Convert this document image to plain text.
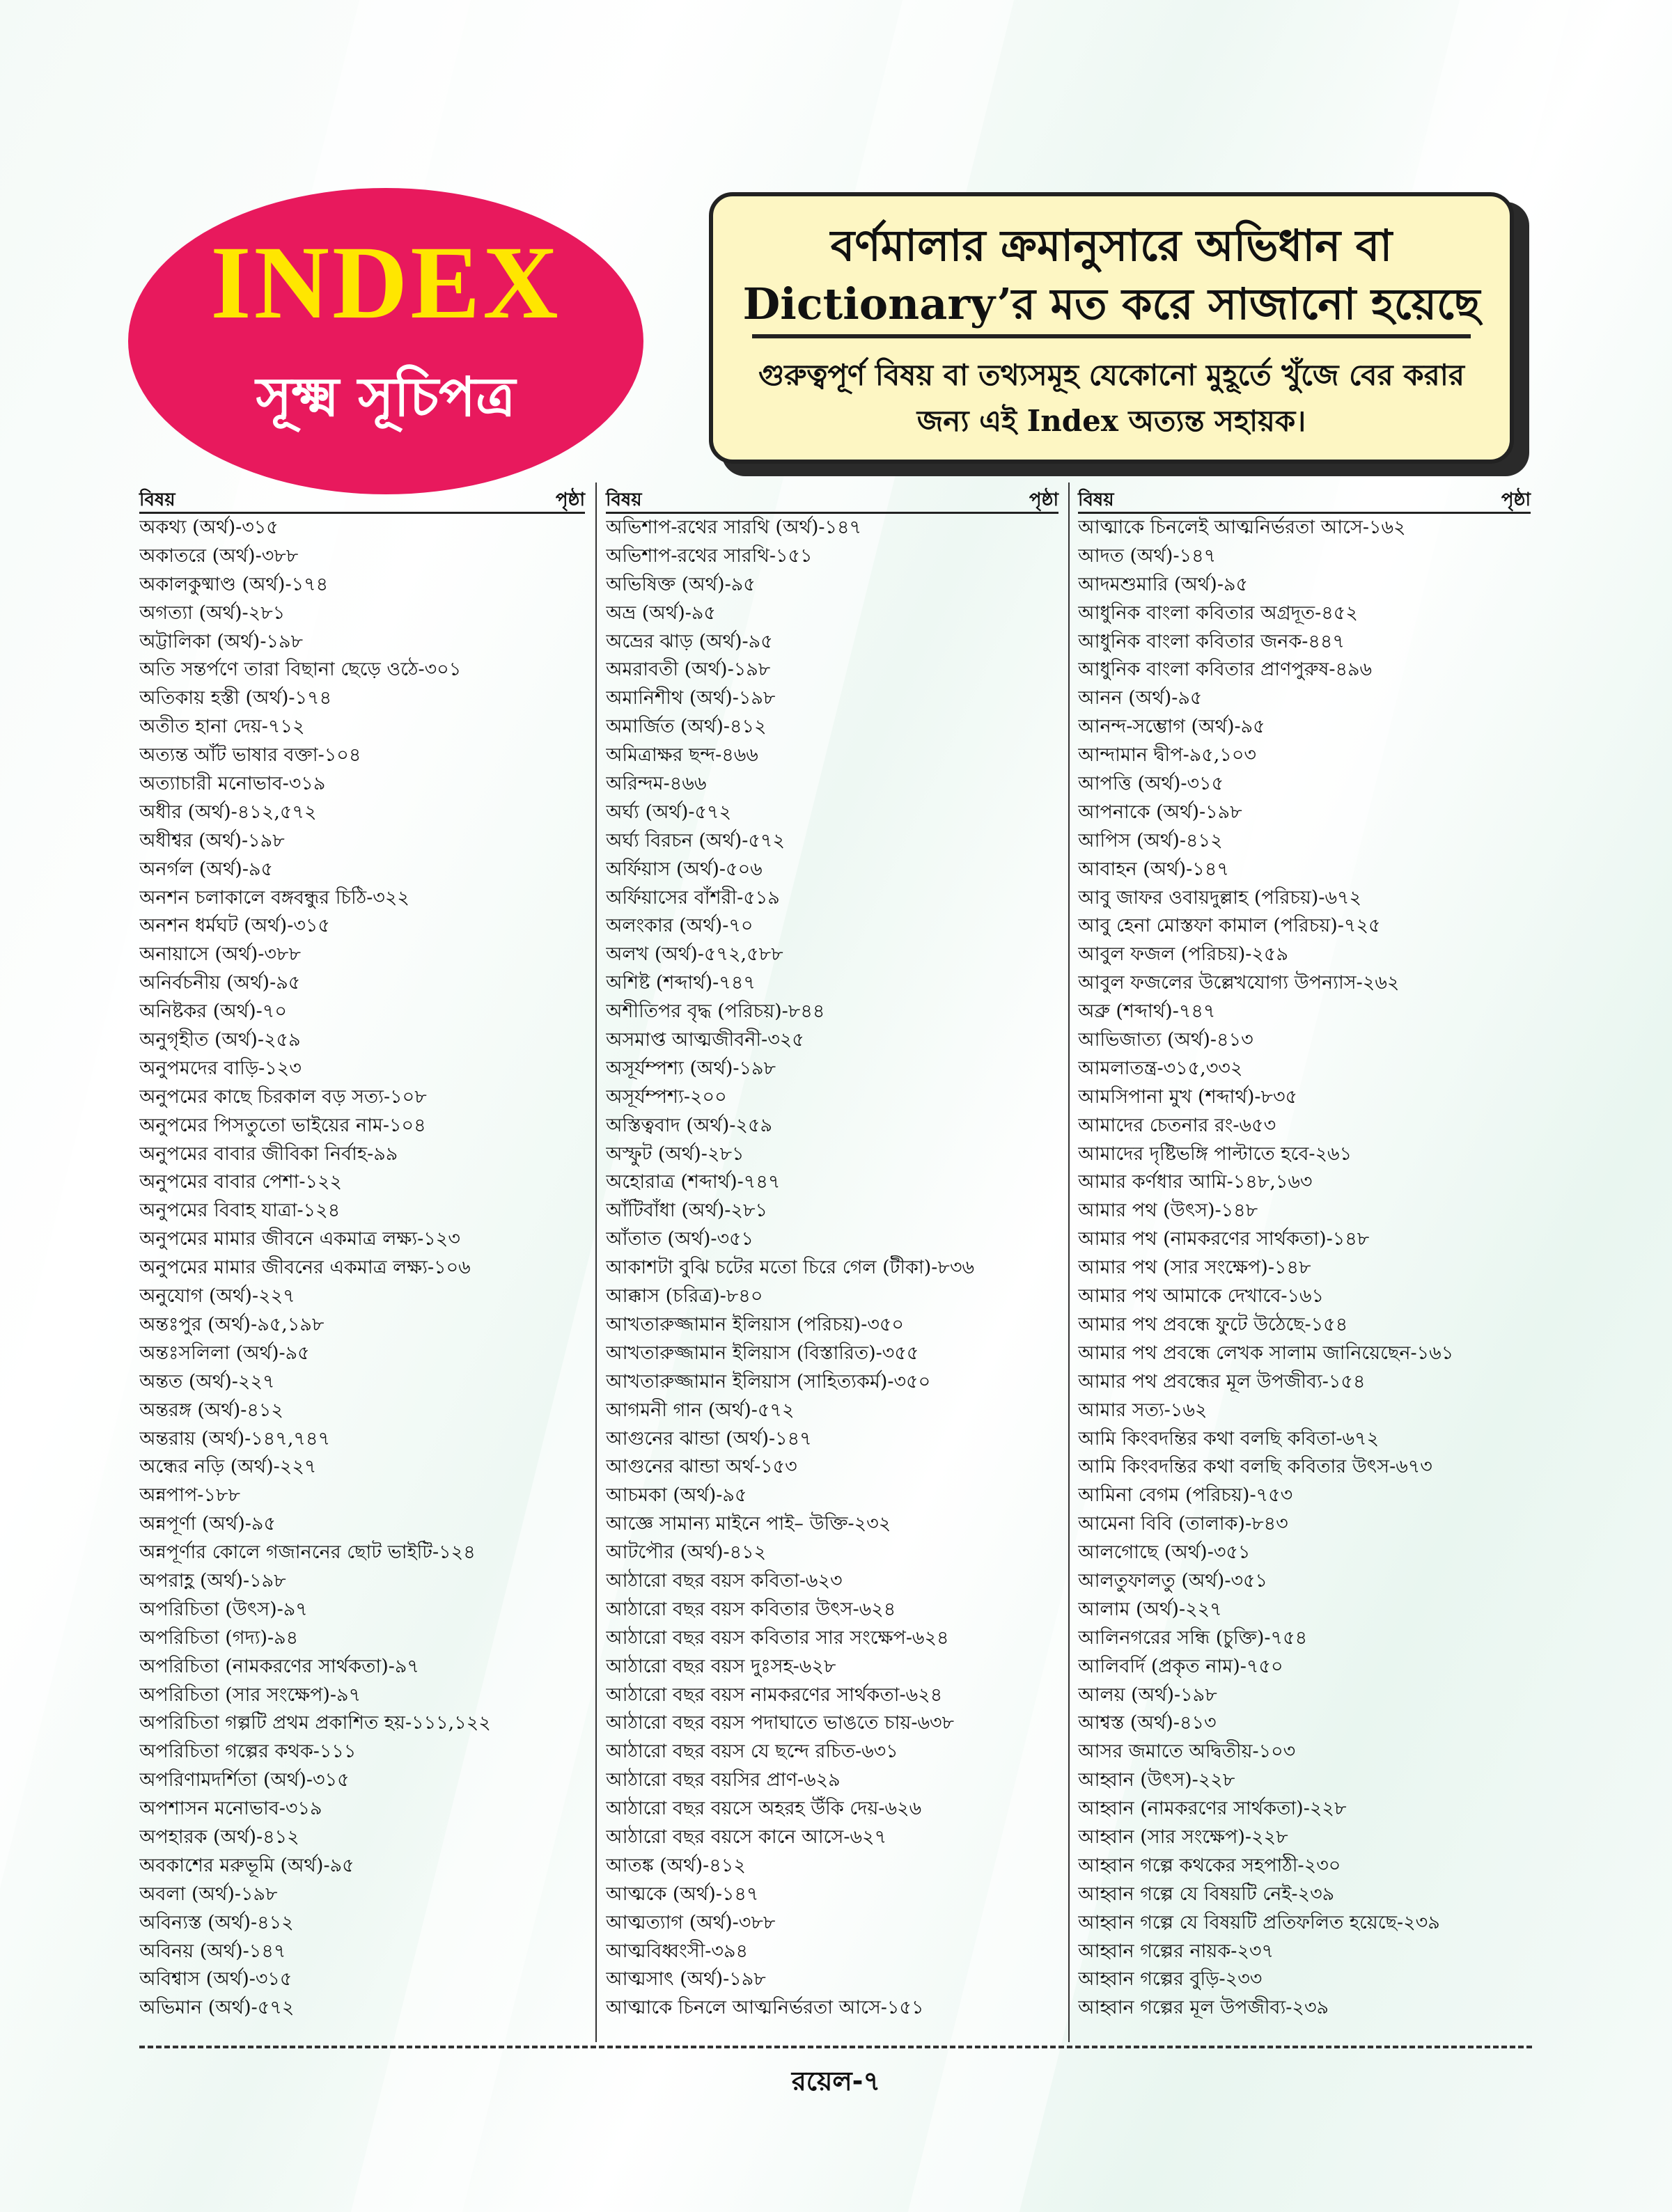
INDEX
সূক্ষ্ম সূচিপত্র
বর্ণমালার ক্রমানুসারে অভিধান বা
Dictionary’র মত করে সাজানো হয়েছে
গুরুত্বপূর্ণ বিষয় বা তথ্যসমূহ যেকোনো মুহূর্তে খুঁজে বের করার
জন্য এই Index অত্যন্ত সহায়ক।
বিষয়	পৃষ্ঠা
অকথ্য (অর্থ)-৩১৫
অকাতরে (অর্থ)-৩৮৮
অকালকুষ্মাণ্ড (অর্থ)-১৭৪
অগত্যা (অর্থ)-২৮১
অট্টালিকা (অর্থ)-১৯৮
অতি সন্তর্পণে তারা বিছানা ছেড়ে ওঠে-৩০১
অতিকায় হস্তী (অর্থ)-১৭৪
অতীত হানা দেয়-৭১২
অত্যন্ত আঁট ভাষার বক্তা-১০৪
অত্যাচারী মনোভাব-৩১৯
অধীর (অর্থ)-৪১২,৫৭২
অধীশ্বর (অর্থ)-১৯৮
অনর্গল (অর্থ)-৯৫
অনশন চলাকালে বঙ্গবন্ধুর চিঠি-৩২২
অনশন ধর্মঘট (অর্থ)-৩১৫
অনায়াসে (অর্থ)-৩৮৮
অনির্বচনীয় (অর্থ)-৯৫
অনিষ্টকর (অর্থ)-৭০
অনুগৃহীত (অর্থ)-২৫৯
অনুপমদের বাড়ি-১২৩
অনুপমের কাছে চিরকাল বড় সত্য-১০৮
অনুপমের পিসতুতো ভাইয়ের নাম-১০৪
অনুপমের বাবার জীবিকা নির্বাহ-৯৯
অনুপমের বাবার পেশা-১২২
অনুপমের বিবাহ যাত্রা-১২৪
অনুপমের মামার জীবনে একমাত্র লক্ষ্য-১২৩
অনুপমের মামার জীবনের একমাত্র লক্ষ্য-১০৬
অনুযোগ (অর্থ)-২২৭
অন্তঃপুর (অর্থ)-৯৫,১৯৮
অন্তঃসলিলা (অর্থ)-৯৫
অন্তত (অর্থ)-২২৭
অন্তরঙ্গ (অর্থ)-৪১২
অন্তরায় (অর্থ)-১৪৭,৭৪৭
অন্ধের নড়ি (অর্থ)-২২৭
অন্নপাপ-১৮৮
অন্নপূর্ণা (অর্থ)-৯৫
অন্নপূর্ণার কোলে গজাননের ছোট ভাইটি-১২৪
অপরাহ্ণ (অর্থ)-১৯৮
অপরিচিতা (উৎস)-৯৭
অপরিচিতা (গদ্য)-৯৪
অপরিচিতা (নামকরণের সার্থকতা)-৯৭
অপরিচিতা (সার সংক্ষেপ)-৯৭
অপরিচিতা গল্পটি প্রথম প্রকাশিত হয়-১১১,১২২
অপরিচিতা গল্পের কথক-১১১
অপরিণামদর্শিতা (অর্থ)-৩১৫
অপশাসন মনোভাব-৩১৯
অপহারক (অর্থ)-৪১২
অবকাশের মরুভূমি (অর্থ)-৯৫
অবলা (অর্থ)-১৯৮
অবিন্যস্ত (অর্থ)-৪১২
অবিনয় (অর্থ)-১৪৭
অবিশ্বাস (অর্থ)-৩১৫
অভিমান (অর্থ)-৫৭২
বিষয়	পৃষ্ঠা
অভিশাপ-রথের সারথি (অর্থ)-১৪৭
অভিশাপ-রথের সারথি-১৫১
অভিষিক্ত (অর্থ)-৯৫
অভ্র (অর্থ)-৯৫
অভ্রের ঝাড় (অর্থ)-৯৫
অমরাবতী (অর্থ)-১৯৮
অমানিশীথ (অর্থ)-১৯৮
অমার্জিত (অর্থ)-৪১২
অমিত্রাক্ষর ছন্দ-৪৬৬
অরিন্দম-৪৬৬
অর্ঘ্য (অর্থ)-৫৭২
অর্ঘ্য বিরচন (অর্থ)-৫৭২
অর্ফিয়াস (অর্থ)-৫০৬
অর্ফিয়াসের বাঁশরী-৫১৯
অলংকার (অর্থ)-৭০
অলখ (অর্থ)-৫৭২,৫৮৮
অশিষ্ট (শব্দার্থ)-৭৪৭
অশীতিপর বৃদ্ধ (পরিচয়)-৮৪৪
অসমাপ্ত আত্মজীবনী-৩২৫
অসূর্যম্পশ্য (অর্থ)-১৯৮
অসূর্যম্পশ্য-২০০
অস্তিত্ববাদ (অর্থ)-২৫৯
অস্ফুট (অর্থ)-২৮১
অহোরাত্র (শব্দার্থ)-৭৪৭
আঁটিবাঁধা (অর্থ)-২৮১
আঁতাত (অর্থ)-৩৫১
আকাশটা বুঝি চটের মতো চিরে গেল (টীকা)-৮৩৬
আক্কাস (চরিত্র)-৮৪০
আখতারুজ্জামান ইলিয়াস (পরিচয়)-৩৫০
আখতারুজ্জামান ইলিয়াস (বিস্তারিত)-৩৫৫
আখতারুজ্জামান ইলিয়াস (সাহিত্যকর্ম)-৩৫০
আগমনী গান (অর্থ)-৫৭২
আগুনের ঝান্ডা (অর্থ)-১৪৭
আগুনের ঝান্ডা অর্থ-১৫৩
আচমকা (অর্থ)-৯৫
আজ্ঞে সামান্য মাইনে পাই– উক্তি-২৩২
আটপৌর (অর্থ)-৪১২
আঠারো বছর বয়স কবিতা-৬২৩
আঠারো বছর বয়স কবিতার উৎস-৬২৪
আঠারো বছর বয়স কবিতার সার সংক্ষেপ-৬২৪
আঠারো বছর বয়স দুঃসহ-৬২৮
আঠারো বছর বয়স নামকরণের সার্থকতা-৬২৪
আঠারো বছর বয়স পদাঘাতে ভাঙতে চায়-৬৩৮
আঠারো বছর বয়স যে ছন্দে রচিত-৬৩১
আঠারো বছর বয়সির প্রাণ-৬২৯
আঠারো বছর বয়সে অহরহ উঁকি দেয়-৬২৬
আঠারো বছর বয়সে কানে আসে-৬২৭
আতঙ্ক (অর্থ)-৪১২
আত্মকে (অর্থ)-১৪৭
আত্মত্যাগ (অর্থ)-৩৮৮
আত্মবিধ্বংসী-৩৯৪
আত্মসাৎ (অর্থ)-১৯৮
আত্মাকে চিনলে আত্মনির্ভরতা আসে-১৫১
বিষয়	পৃষ্ঠা
আত্মাকে চিনলেই আত্মনির্ভরতা আসে-১৬২
আদত (অর্থ)-১৪৭
আদমশুমারি (অর্থ)-৯৫
আধুনিক বাংলা কবিতার অগ্রদূত-৪৫২
আধুনিক বাংলা কবিতার জনক-৪৪৭
আধুনিক বাংলা কবিতার প্রাণপুরুষ-৪৯৬
আনন (অর্থ)-৯৫
আনন্দ-সম্ভোগ (অর্থ)-৯৫
আন্দামান দ্বীপ-৯৫,১০৩
আপত্তি (অর্থ)-৩১৫
আপনাকে (অর্থ)-১৯৮
আপিস (অর্থ)-৪১২
আবাহন (অর্থ)-১৪৭
আবু জাফর ওবায়দুল্লাহ (পরিচয়)-৬৭২
আবু হেনা মোস্তফা কামাল (পরিচয়)-৭২৫
আবুল ফজল (পরিচয়)-২৫৯
আবুল ফজলের উল্লেখযোগ্য উপন্যাস-২৬২
অব্রু (শব্দার্থ)-৭৪৭
আভিজাত্য (অর্থ)-৪১৩
আমলাতন্ত্র-৩১৫,৩৩২
আমসিপানা মুখ (শব্দার্থ)-৮৩৫
আমাদের চেতনার রং-৬৫৩
আমাদের দৃষ্টিভঙ্গি পাল্টাতে হবে-২৬১
আমার কর্ণধার আমি-১৪৮,১৬৩
আমার পথ (উৎস)-১৪৮
আমার পথ (নামকরণের সার্থকতা)-১৪৮
আমার পথ (সার সংক্ষেপ)-১৪৮
আমার পথ আমাকে দেখাবে-১৬১
আমার পথ প্রবন্ধে ফুটে উঠেছে-১৫৪
আমার পথ প্রবন্ধে লেখক সালাম জানিয়েছেন-১৬১
আমার পথ প্রবন্ধের মূল উপজীব্য-১৫৪
আমার সত্য-১৬২
আমি কিংবদন্তির কথা বলছি কবিতা-৬৭২
আমি কিংবদন্তির কথা বলছি কবিতার উৎস-৬৭৩
আমিনা বেগম (পরিচয়)-৭৫৩
আমেনা বিবি (তালাক)-৮৪৩
আলগোছে (অর্থ)-৩৫১
আলতুফালতু (অর্থ)-৩৫১
আলাম (অর্থ)-২২৭
আলিনগরের সন্ধি (চুক্তি)-৭৫৪
আলিবর্দি (প্রকৃত নাম)-৭৫০
আলয় (অর্থ)-১৯৮
আশ্বস্ত (অর্থ)-৪১৩
আসর জমাতে অদ্বিতীয়-১০৩
আহ্বান (উৎস)-২২৮
আহ্বান (নামকরণের সার্থকতা)-২২৮
আহ্বান (সার সংক্ষেপ)-২২৮
আহ্বান গল্পে কথকের সহপাঠী-২৩০
আহ্বান গল্পে যে বিষয়টি নেই-২৩৯
আহ্বান গল্পে যে বিষয়টি প্রতিফলিত হয়েছে-২৩৯
আহ্বান গল্পের নায়ক-২৩৭
আহ্বান গল্পের বুড়ি-২৩৩
আহ্বান গল্পের মূল উপজীব্য-২৩৯
রয়েল-৭
